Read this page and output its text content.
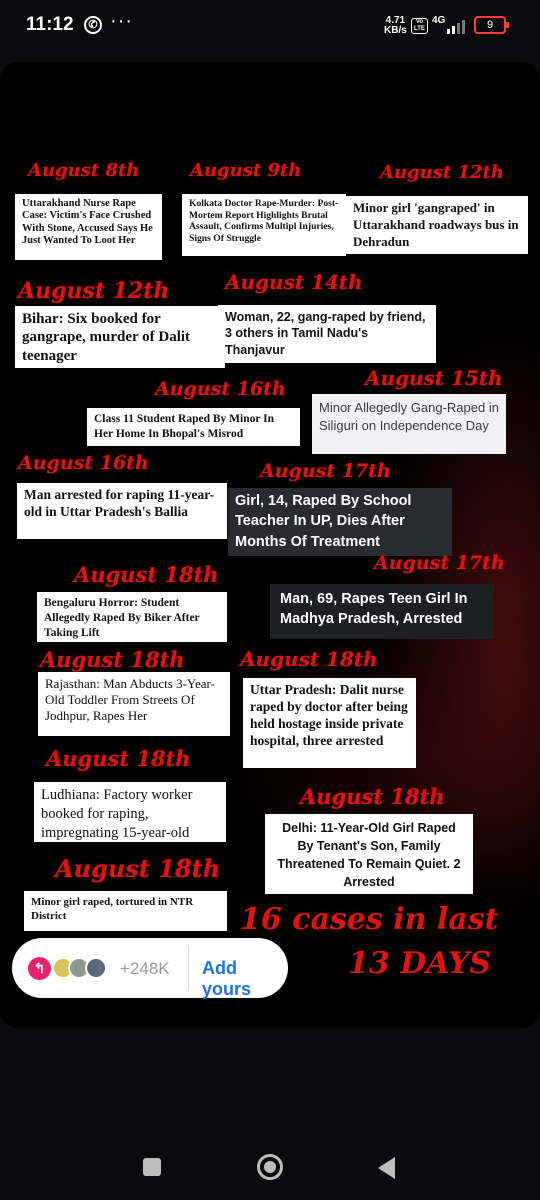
11:12	✆ ···	4.71
KB/s
Vo LTE
4G	9
August 8th	August 9th	August 12th
Uttarakhand Nurse Rape Case: Victim's Face Crushed With Stone, Accused Says He Just Wanted To Loot Her
Kolkata Doctor Rape-Murder: Post-Mortem Report Highlights Brutal Assault, Confirms Multipl Injuries, Signs Of Struggle
Minor girl 'gangraped' in Uttarakhand roadways bus in Dehradun
August 12th	August 14th
Bihar: Six booked for gangrape, murder of Dalit teenager
Woman, 22, gang-raped by friend, 3 others in Tamil Nadu's Thanjavur
August 16th	August 15th
Class 11 Student Raped By Minor In Her Home In Bhopal's Misrod
Minor Allegedly Gang-Raped in Siliguri on Independence Day
August 16th	August 17th
Man arrested for raping 11-year-old in Uttar Pradesh's Ballia
Girl, 14, Raped By School Teacher In UP, Dies After Months Of Treatment
August 18th	August 17th
Bengaluru Horror: Student Allegedly Raped By Biker After Taking Lift
Man, 69, Rapes Teen Girl In Madhya Pradesh, Arrested
August 18th	August 18th
Rajasthan: Man Abducts 3-Year-Old Toddler From Streets Of Jodhpur, Rapes Her
Uttar Pradesh: Dalit nurse raped by doctor after being held hostage inside private hospital, three arrested
August 18th
August 18th
Ludhiana: Factory worker booked for raping, impregnating 15-year-old	Delhi: 11-Year-Old Girl Raped By Tenant's Son, Family Threatened To Remain Quiet. 2 Arrested
August 18th
Minor girl raped, tortured in NTR District	16 cases in last
13 DAYS
↰	+248K Add yours
